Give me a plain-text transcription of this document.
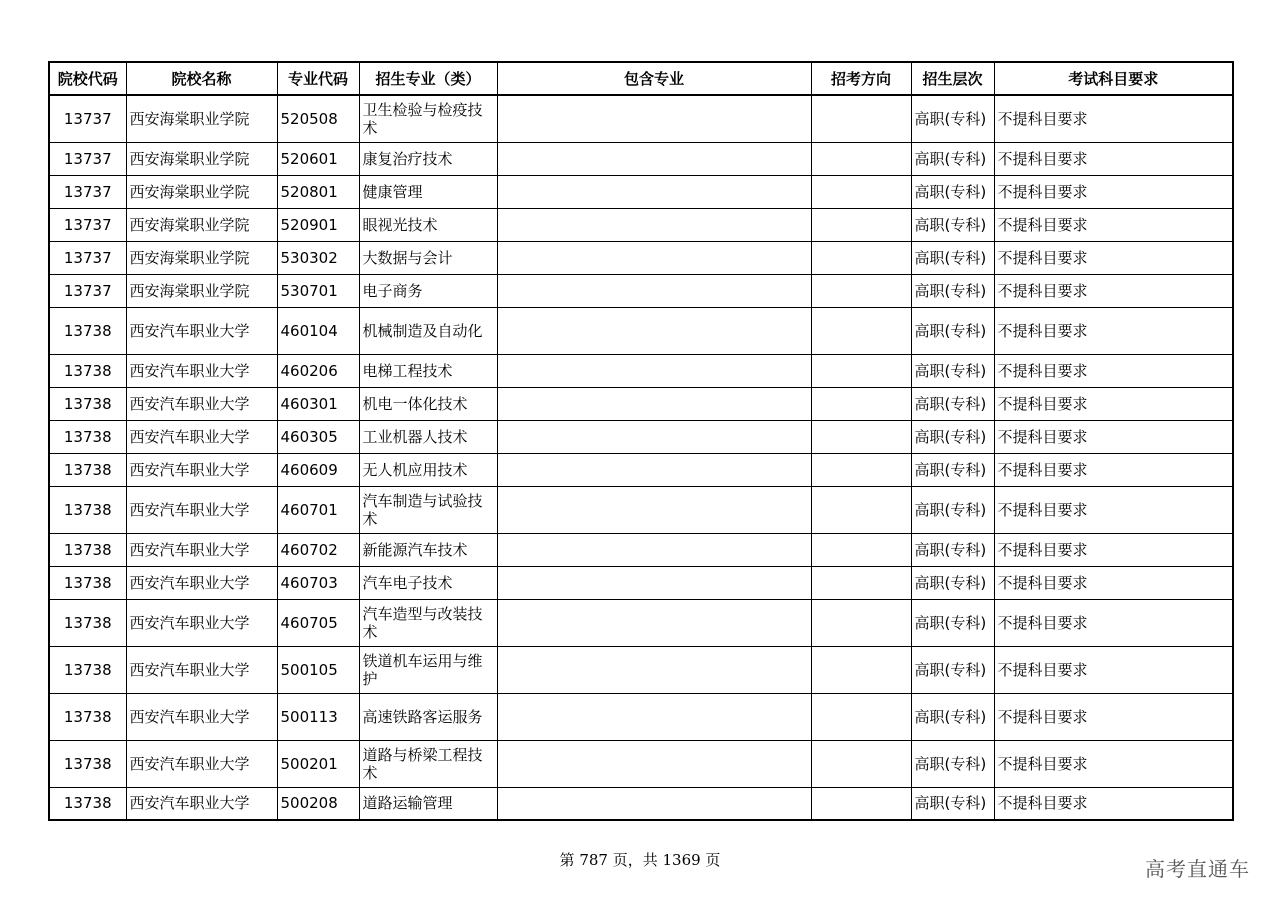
院校代码	院校名称	专业代码	招生专业（类）	包含专业	招考方向	招生层次	考试科目要求
13737	西安海棠职业学院	520508	卫生检验与检疫技术			高职(专科)	不提科目要求
13737	西安海棠职业学院	520601	康复治疗技术			高职(专科)	不提科目要求
13737	西安海棠职业学院	520801	健康管理			高职(专科)	不提科目要求
13737	西安海棠职业学院	520901	眼视光技术			高职(专科)	不提科目要求
13737	西安海棠职业学院	530302	大数据与会计			高职(专科)	不提科目要求
13737	西安海棠职业学院	530701	电子商务			高职(专科)	不提科目要求
13738	西安汽车职业大学	460104	机械制造及自动化			高职(专科)	不提科目要求
13738	西安汽车职业大学	460206	电梯工程技术			高职(专科)	不提科目要求
13738	西安汽车职业大学	460301	机电一体化技术			高职(专科)	不提科目要求
13738	西安汽车职业大学	460305	工业机器人技术			高职(专科)	不提科目要求
13738	西安汽车职业大学	460609	无人机应用技术			高职(专科)	不提科目要求
13738	西安汽车职业大学	460701	汽车制造与试验技术			高职(专科)	不提科目要求
13738	西安汽车职业大学	460702	新能源汽车技术			高职(专科)	不提科目要求
13738	西安汽车职业大学	460703	汽车电子技术			高职(专科)	不提科目要求
13738	西安汽车职业大学	460705	汽车造型与改装技术			高职(专科)	不提科目要求
13738	西安汽车职业大学	500105	铁道机车运用与维护			高职(专科)	不提科目要求
13738	西安汽车职业大学	500113	高速铁路客运服务			高职(专科)	不提科目要求
13738	西安汽车职业大学	500201	道路与桥梁工程技术			高职(专科)	不提科目要求
13738	西安汽车职业大学	500208	道路运输管理			高职(专科)	不提科目要求
第 787 页，共 1369 页	高考直通车
